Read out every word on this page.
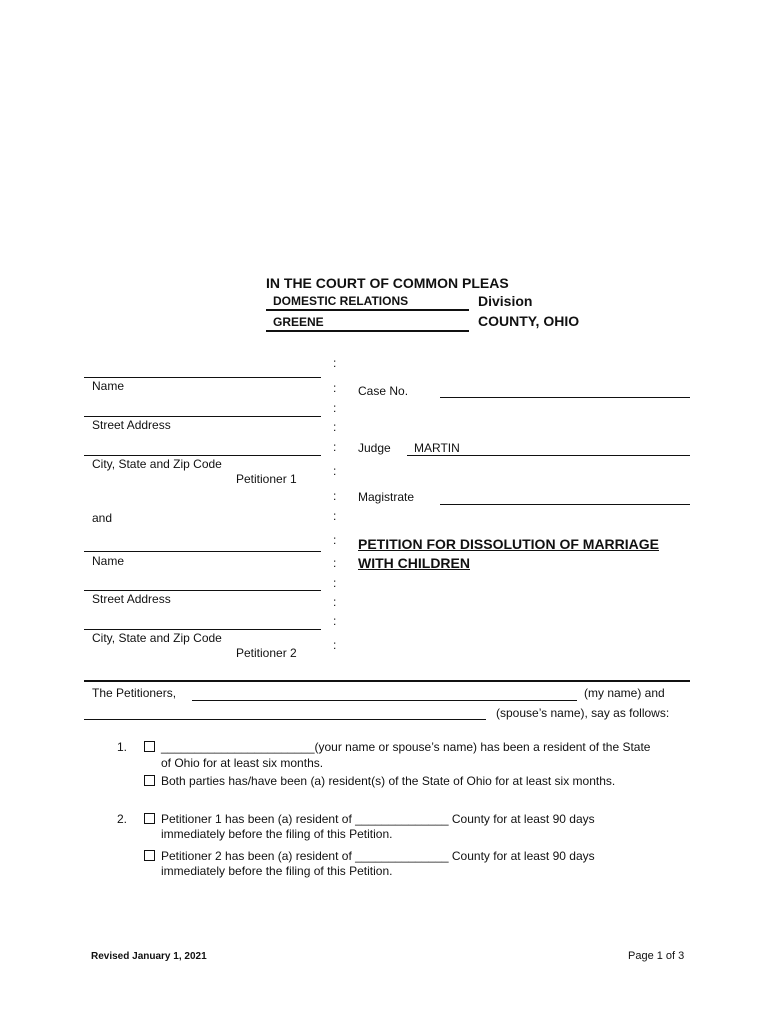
IN THE COURT OF COMMON PLEAS
DOMESTIC RELATIONS	Division
GREENE	COUNTY, OHIO
Name
Street Address
City, State and Zip Code
Petitioner 1
and
Name
Street Address
City, State and Zip Code
Petitioner 2
:
:
:
:
:
:
:
:
:
:
:
:
:
:
Case No.
Judge MARTIN
Magistrate
PETITION FOR DISSOLUTION OF MARRIAGE
WITH CHILDREN
The Petitioners,	(my name) and
(spouse’s name), say as follows:
1.	_______________________(your name or spouse’s name) has been a resident of the State
of Ohio for at least six months.
Both parties has/have been (a) resident(s) of the State of Ohio for at least six months.
2.	Petitioner 1 has been (a) resident of ______________ County for at least 90 days
immediately before the filing of this Petition.
Petitioner 2 has been (a) resident of ______________ County for at least 90 days
immediately before the filing of this Petition.
Revised January 1, 2021	Page 1 of 3
